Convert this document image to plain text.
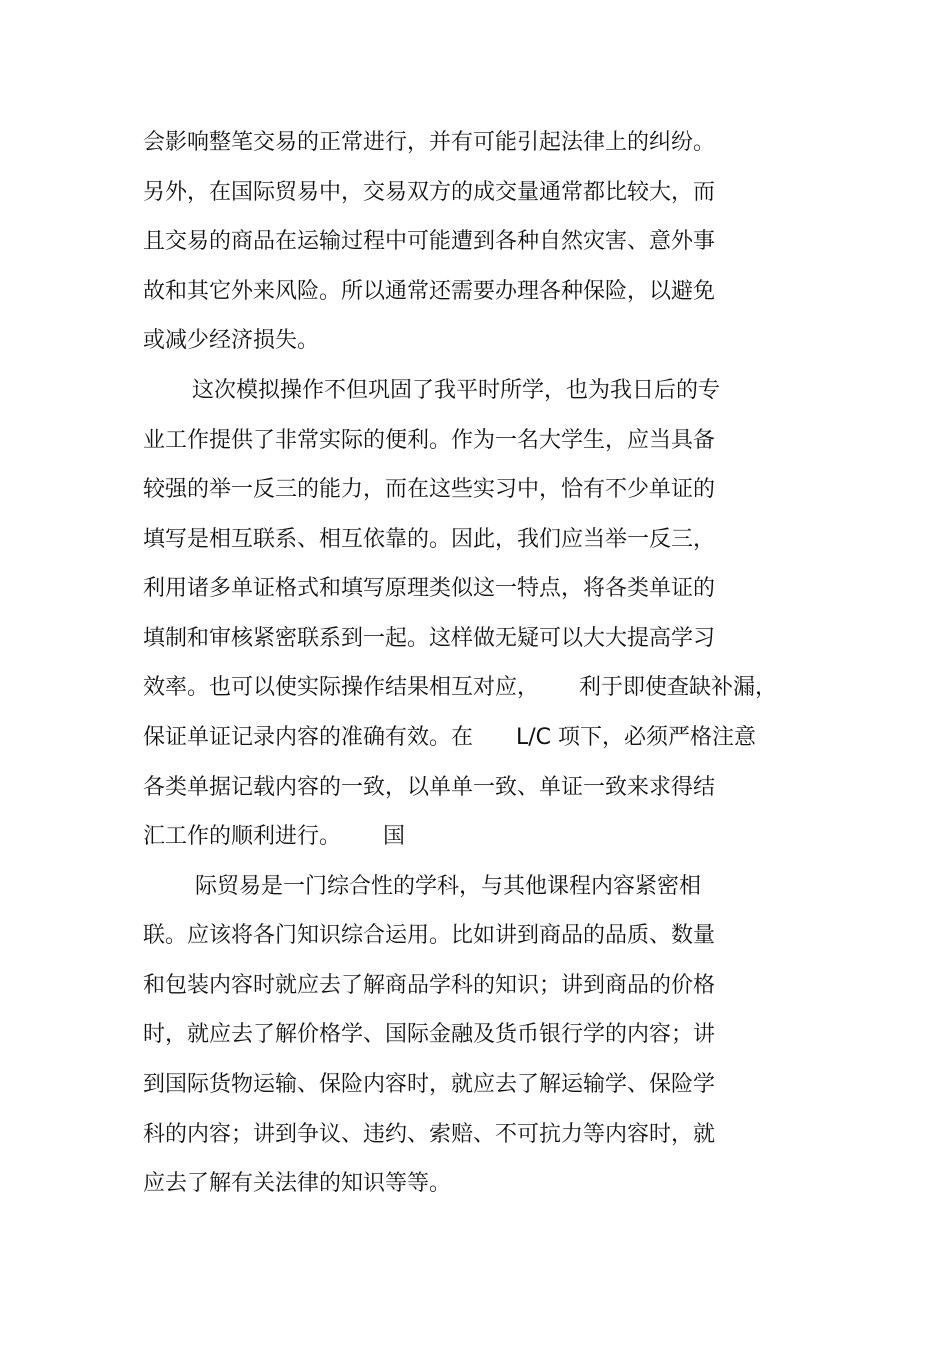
会影响整笔交易的正常进行，并有可能引起法律上的纠纷。
另外，在国际贸易中，交易双方的成交量通常都比较大，而
且交易的商品在运输过程中可能遭到各种自然灾害、意外事
故和其它外来风险。所以通常还需要办理各种保险，以避免
或减少经济损失。
这次模拟操作不但巩固了我平时所学，也为我日后的专
业工作提供了非常实际的便利。作为一名大学生，应当具备
较强的举一反三的能力，而在这些实习中，恰有不少单证的
填写是相互联系、相互依靠的。因此，我们应当举一反三，
利用诸多单证格式和填写原理类似这一特点，将各类单证的
填制和审核紧密联系到一起。这样做无疑可以大大提高学习
效率。也可以使实际操作结果相互对应， 利于即使查缺补漏，
保证单证记录内容的准确有效。在 L/C 项下，必须严格注意
各类单据记载内容的一致，以单单一致、单证一致来求得结
汇工作的顺利进行。 国
际贸易是一门综合性的学科，与其他课程内容紧密相
联。应该将各门知识综合运用。比如讲到商品的品质、数量
和包装内容时就应去了解商品学科的知识；讲到商品的价格
时，就应去了解价格学、国际金融及货币银行学的内容；讲
到国际货物运输、保险内容时，就应去了解运输学、保险学
科的内容；讲到争议、违约、索赔、不可抗力等内容时，就
应去了解有关法律的知识等等。
